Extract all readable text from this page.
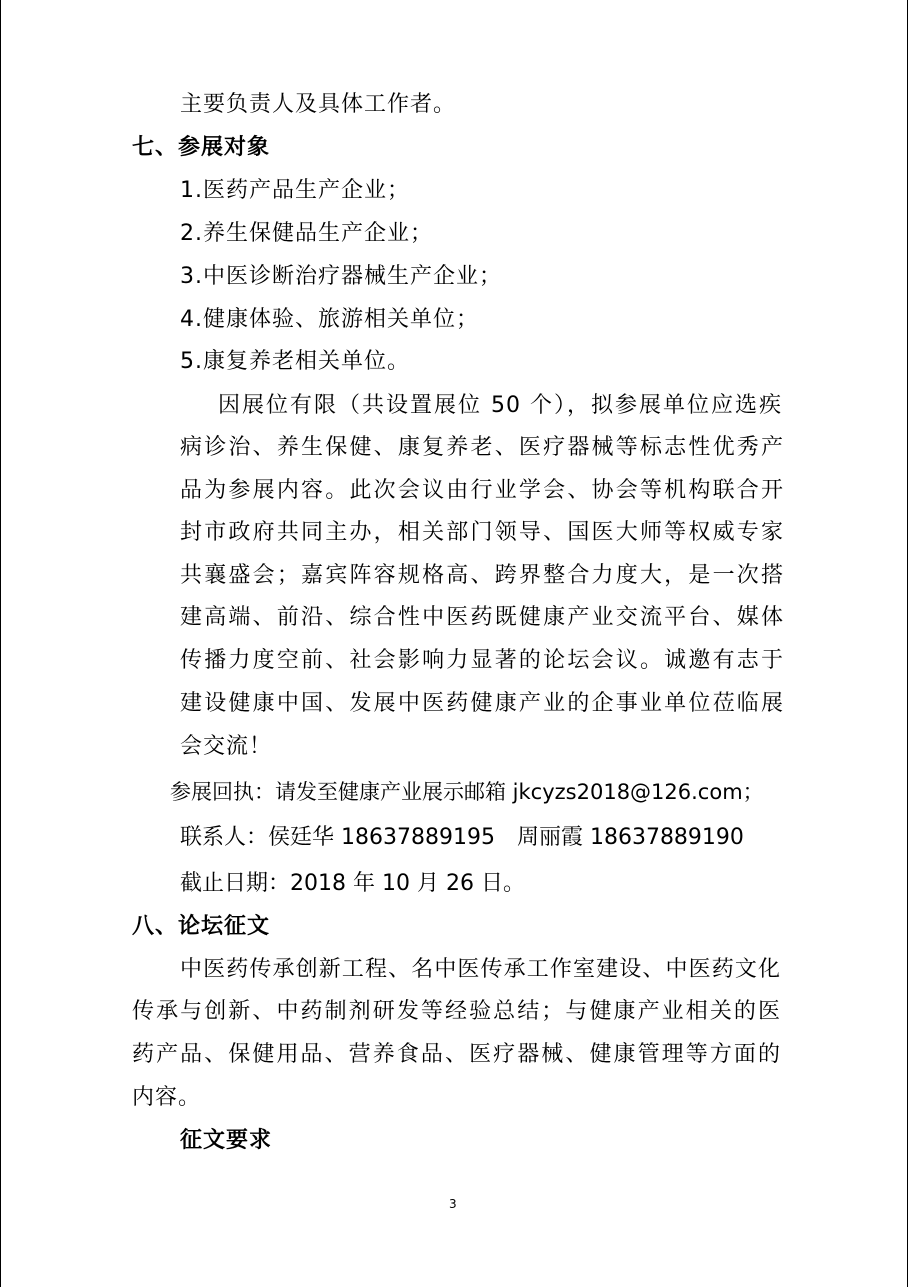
主要负责人及具体工作者。
七、参展对象
1.医药产品生产企业；
2.养生保健品生产企业；
3.中医诊断治疗器械生产企业；
4.健康体验、旅游相关单位；
5.康复养老相关单位。
因展位有限（共设置展位 50 个），拟参展单位应选疾
病诊治、养生保健、康复养老、医疗器械等标志性优秀产
品为参展内容。此次会议由行业学会、协会等机构联合开
封市政府共同主办，相关部门领导、国医大师等权威专家
共襄盛会；嘉宾阵容规格高、跨界整合力度大，是一次搭
建高端、前沿、综合性中医药既健康产业交流平台、媒体
传播力度空前、社会影响力显著的论坛会议。诚邀有志于
建设健康中国、发展中医药健康产业的企事业单位莅临展
会交流！
参展回执：请发至健康产业展示邮箱 jkcyzs2018@126.com；
联系人：侯廷华 18637889195　周丽霞 18637889190
截止日期：2018 年 10 月 26 日。
八、论坛征文
中医药传承创新工程、名中医传承工作室建设、中医药文化
传承与创新、中药制剂研发等经验总结；与健康产业相关的医
药产品、保健用品、营养食品、医疗器械、健康管理等方面的
内容。
征文要求
3
